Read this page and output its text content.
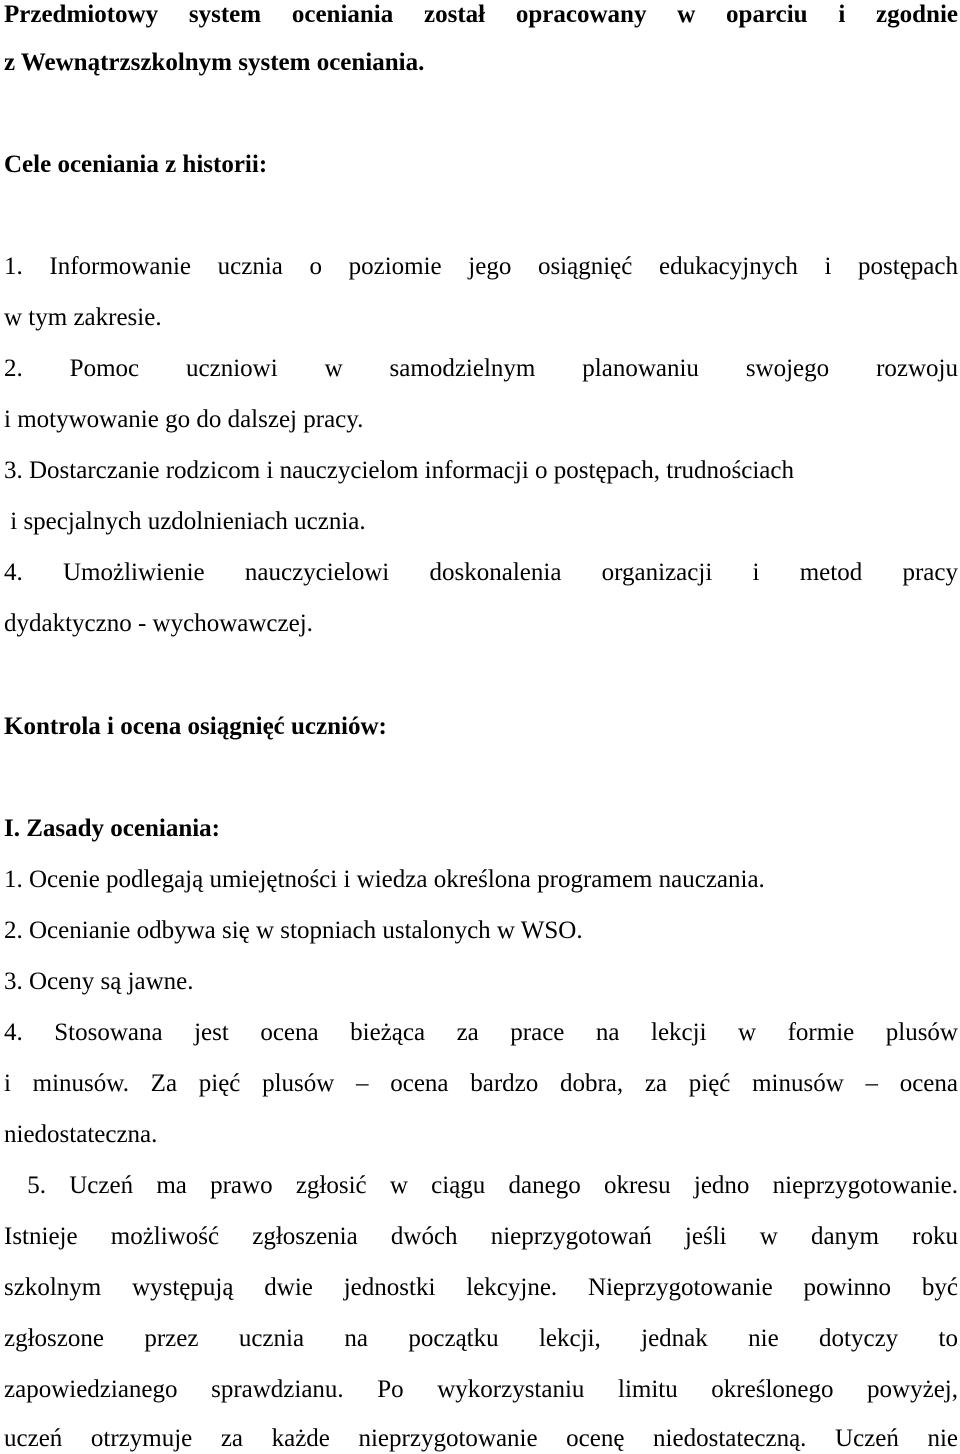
Przedmiotowy system oceniania został opracowany w oparciu i zgodnie
z Wewnątrzszkolnym system oceniania.
Cele oceniania z historii:
1. Informowanie ucznia o poziomie jego osiągnięć edukacyjnych i postępach
w tym zakresie.
2. Pomoc uczniowi w samodzielnym planowaniu swojego rozwoju
i motywowanie go do dalszej pracy.
3. Dostarczanie rodzicom i nauczycielom informacji o postępach, trudnościach
i specjalnych uzdolnieniach ucznia.
4. Umożliwienie nauczycielowi doskonalenia organizacji i metod pracy
dydaktyczno - wychowawczej.
Kontrola i ocena osiągnięć uczniów:
I. Zasady oceniania:
1. Ocenie podlegają umiejętności i wiedza określona programem nauczania.
2. Ocenianie odbywa się w stopniach ustalonych w WSO.
3. Oceny są jawne.
4. Stosowana jest ocena bieżąca za prace na lekcji w formie plusów
i minusów. Za pięć plusów – ocena bardzo dobra, za pięć minusów – ocena
niedostateczna.
5. Uczeń ma prawo zgłosić w ciągu danego okresu jedno nieprzygotowanie.
Istnieje możliwość zgłoszenia dwóch nieprzygotowań jeśli w danym roku
szkolnym występują dwie jednostki lekcyjne. Nieprzygotowanie powinno być
zgłoszone przez ucznia na początku lekcji, jednak nie dotyczy to
zapowiedzianego sprawdzianu. Po wykorzystaniu limitu określonego powyżej,
uczeń otrzymuje za każde nieprzygotowanie ocenę niedostateczną. Uczeń nie
